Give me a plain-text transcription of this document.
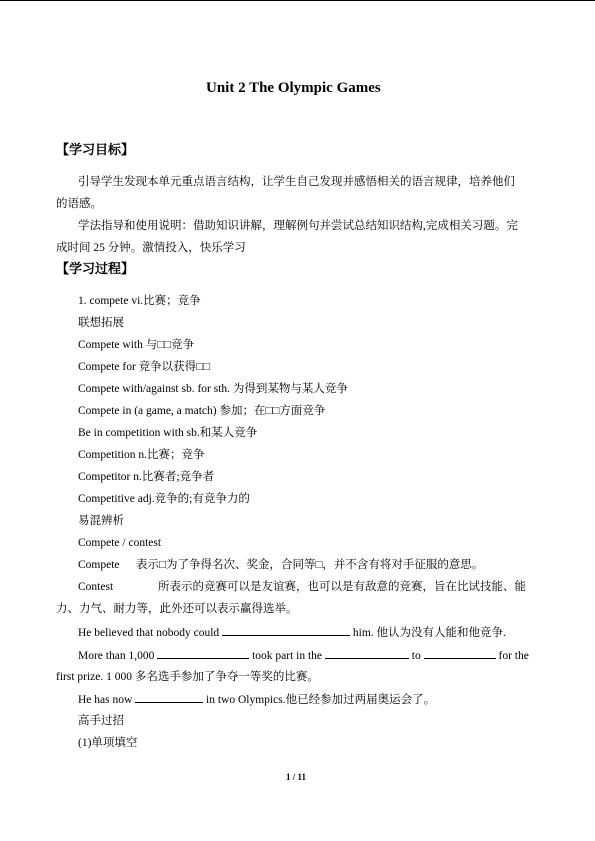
Unit 2 The Olympic Games
【学习目标】
引导学生发现本单元重点语言结构，让学生自己发现并感悟相关的语言规律，培养他们
的语感。
学法指导和使用说明：借助知识讲解，理解例句并尝试总结知识结构,完成相关习题。完
成时间 25 分钟。激情投入，快乐学习
【学习过程】
1. compete vi.比赛；竞争
联想拓展
Compete with 与□□竞争
Compete for 竞争以获得□□
Compete with/against sb. for sth. 为得到某物与某人竞争
Compete in (a game, a match) 参加；在□□方面竞争
Be in competition with sb.和某人竞争
Competition n.比赛；竞争
Competitor n.比赛者;竞争者
Competitive adj.竞争的;有竞争力的
易混辨析
Compete / contest
Compete 表示□为了争得名次、奖金，合同等□，并不含有将对手征服的意思。
Contest	所表示的竞赛可以是友谊赛，也可以是有敌意的竞赛，旨在比试技能、能
力、力气、耐力等，此外还可以表示赢得选举。
He believed that nobody could	him. 他认为没有人能和他竞争.
More than 1,000	took part in the	to	for the
first prize. 1 000 多名选手参加了争夺一等奖的比赛。
He has now	in two Olympics.他已经参加过两届奥运会了。
高手过招
(1)单项填空
1 / 11
